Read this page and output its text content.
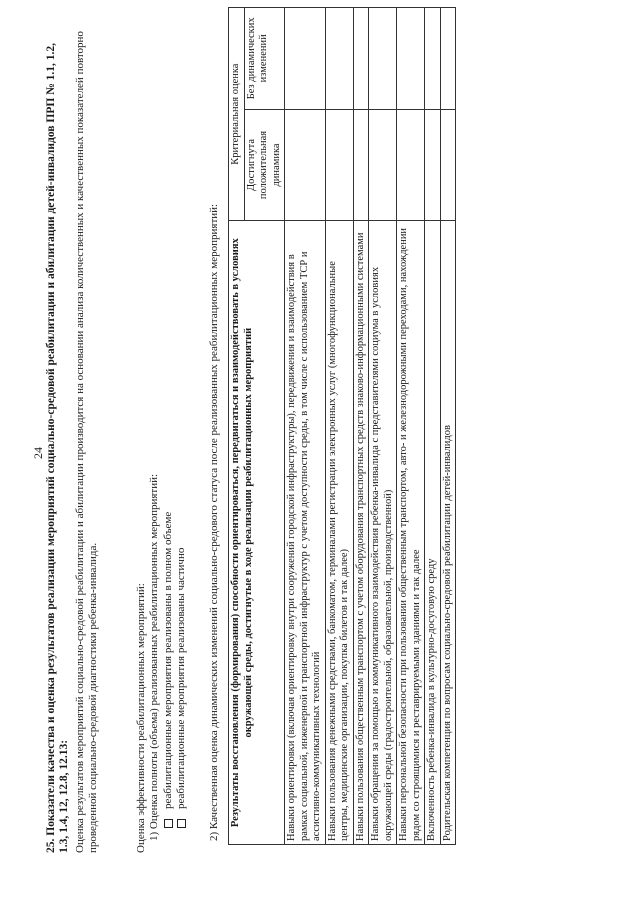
24 25. Показатели качества и оценка результатов реализации мероприятий социально-средовой реабилитации и абилитации детей-инвалидов ПРП № 1.1, 1.2, 1.3, 1.4, 12, 12.8, 12.13: Оценка результатов мероприятий социально-средовой реабилитации и абилитации производится на основании анализа количественных и качественных показателей повторно проведенной социально-средовой диагностики ребенка-инвалида.	Оценка эффективности реабилитационных мероприятий: 1) Оценка полноты (объема) реализованных реабилитационных мероприятий: реабилитационные мероприятия реализованы в полном объеме реабилитационные мероприятия реализованы частично 2) Качественная оценка динамических изменений социально-средового статуса после реализованных реабилитационных мероприятий: Результаты восстановления (формирования) способности ориентироваться, передвигаться и взаимодействовать в условиях окружающей среды, достигнутые в ходе реализации реабилитационных мероприятий	Критериальная оценка	
	Достигнута положительная динамика	Без динамических изменений
Навыки ориентировки (включая ориентировку внутри сооружений городской инфраструктуры), передвижения и взаимодействия в рамках социальной, инженерной и транспортной инфраструктур с учетом доступности среды, в том числе с использованием ТСР и ассистивно-коммуникативных технологий		
Навыки пользования денежными средствами, банкоматом, терминалами регистрации электронных услуг (многофункциональные центры, медицинские организации, покупка билетов и так далее)		
Навыки пользования общественным транспортом с учетом оборудования транспортных средств знаково-информационными системами		
Навыки обращения за помощью и коммуникативного взаимодействия ребенка-инвалида с представителями социума в условиях окружающей среды (градостроительной, образовательной, производственной)		
Навыки персональной безопасности при пользовании общественным транспортом, авто- и железнодорожными переходами, нахождении рядом со строящимися и реставрируемыми зданиями и так далее		
Включенность ребенка-инвалида в культурно-досуговую среду		
Родительская компетенция по вопросам социально-средовой реабилитации детей-инвалидов		
